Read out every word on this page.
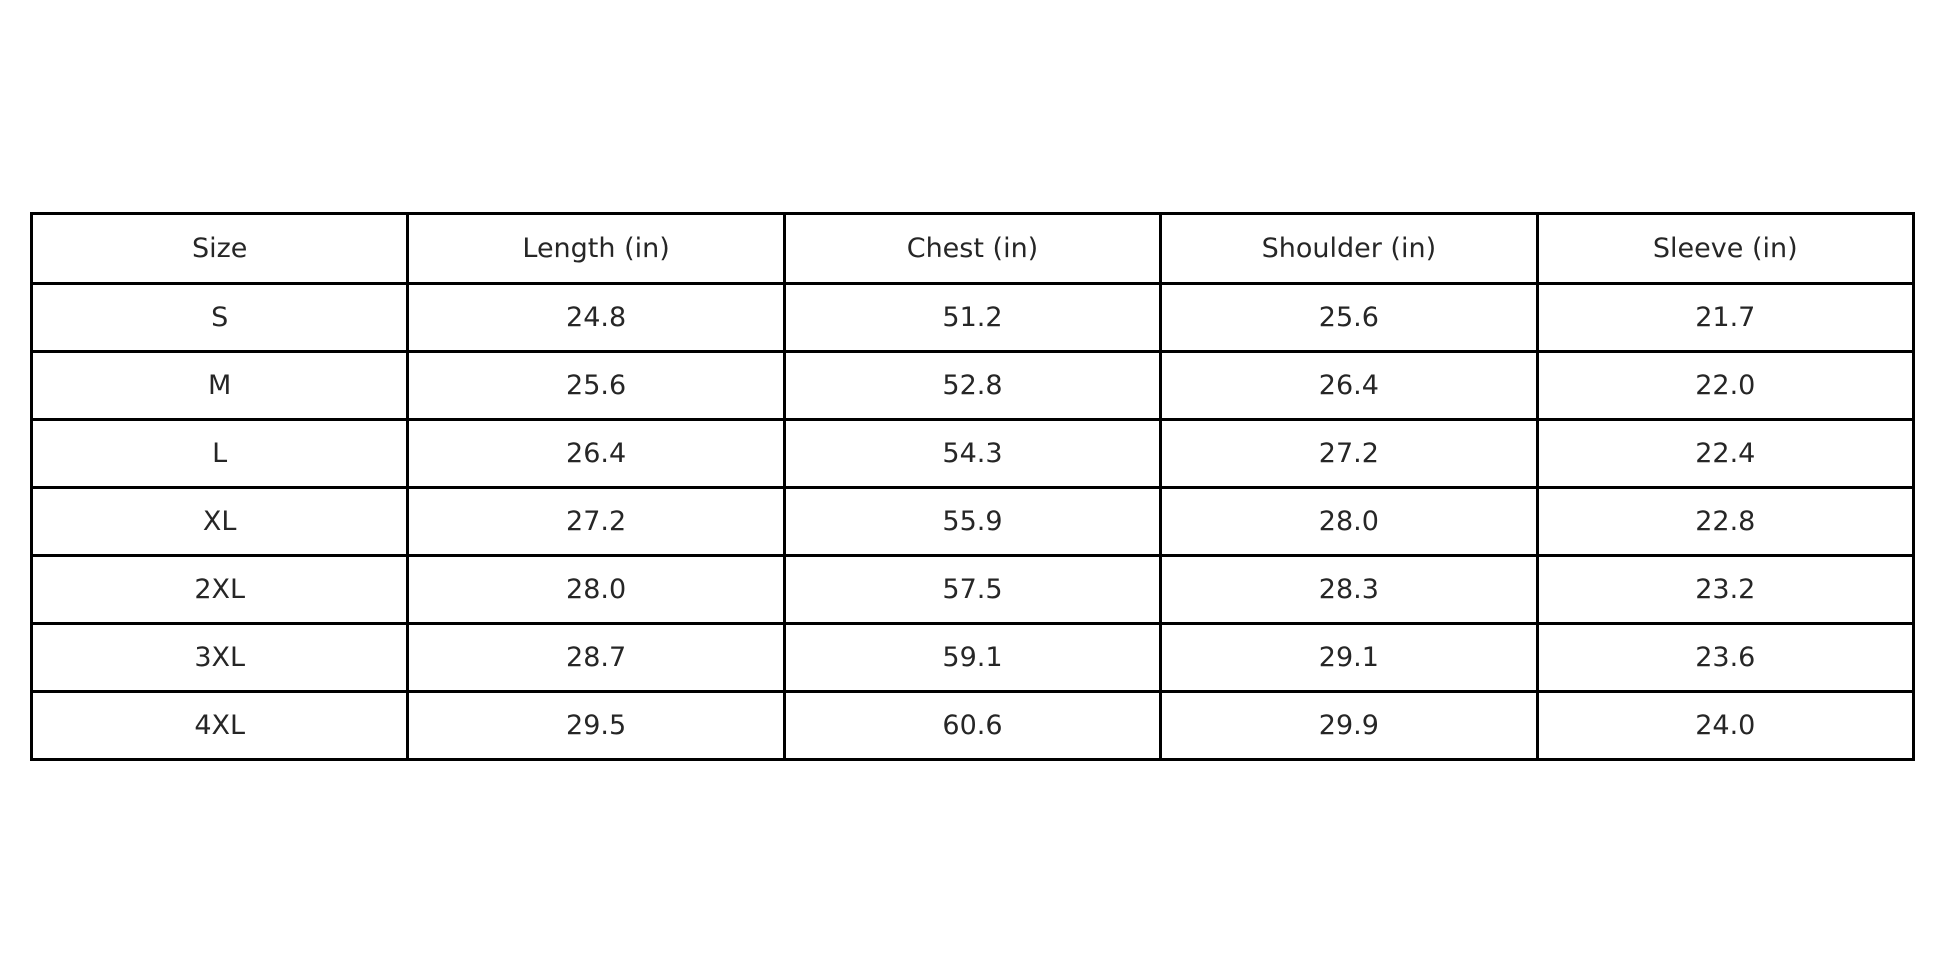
Size	Length (in)	Chest (in)	Shoulder (in)	Sleeve (in)
S	24.8	51.2	25.6	21.7
M	25.6	52.8	26.4	22.0
L	26.4	54.3	27.2	22.4
XL	27.2	55.9	28.0	22.8
2XL	28.0	57.5	28.3	23.2
3XL	28.7	59.1	29.1	23.6
4XL	29.5	60.6	29.9	24.0
